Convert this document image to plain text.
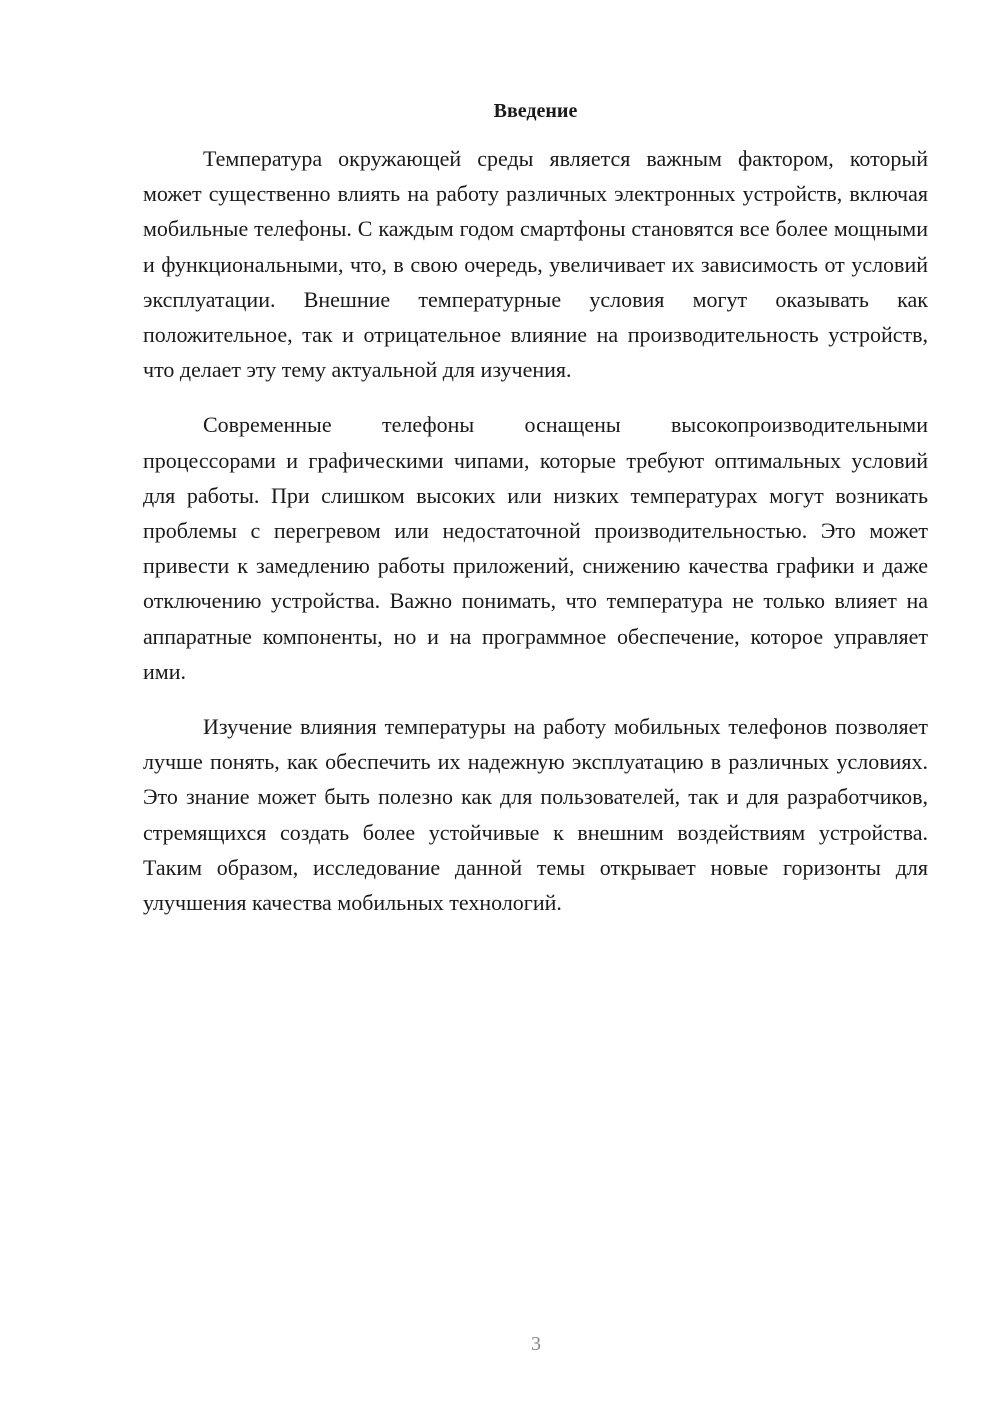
Введение

Температура окружающей среды является важным фактором, который может существенно влиять на работу различных электронных устройств, включая мобильные телефоны. С каждым годом смартфоны становятся все более мощными и функциональными, что, в свою очередь, увеличивает их зависимость от условий эксплуатации. Внешние температурные условия могут оказывать как положительное, так и отрицательное влияние на производительность устройств, что делает эту тему актуальной для изучения.

Современные телефоны оснащены высокопроизводительными процессорами и графическими чипами, которые требуют оптимальных условий для работы. При слишком высоких или низких температурах могут возникать проблемы с перегревом или недостаточной производительностью. Это может привести к замедлению работы приложений, снижению качества графики и даже отключению устройства. Важно понимать, что температура не только влияет на аппаратные компоненты, но и на программное обеспечение, которое управляет ими.

Изучение влияния температуры на работу мобильных телефонов позволяет лучше понять, как обеспечить их надежную эксплуатацию в различных условиях. Это знание может быть полезно как для пользователей, так и для разработчиков, стремящихся создать более устойчивые к внешним воздействиям устройства. Таким образом, исследование данной темы открывает новые горизонты для улучшения качества мобильных технологий.

3
